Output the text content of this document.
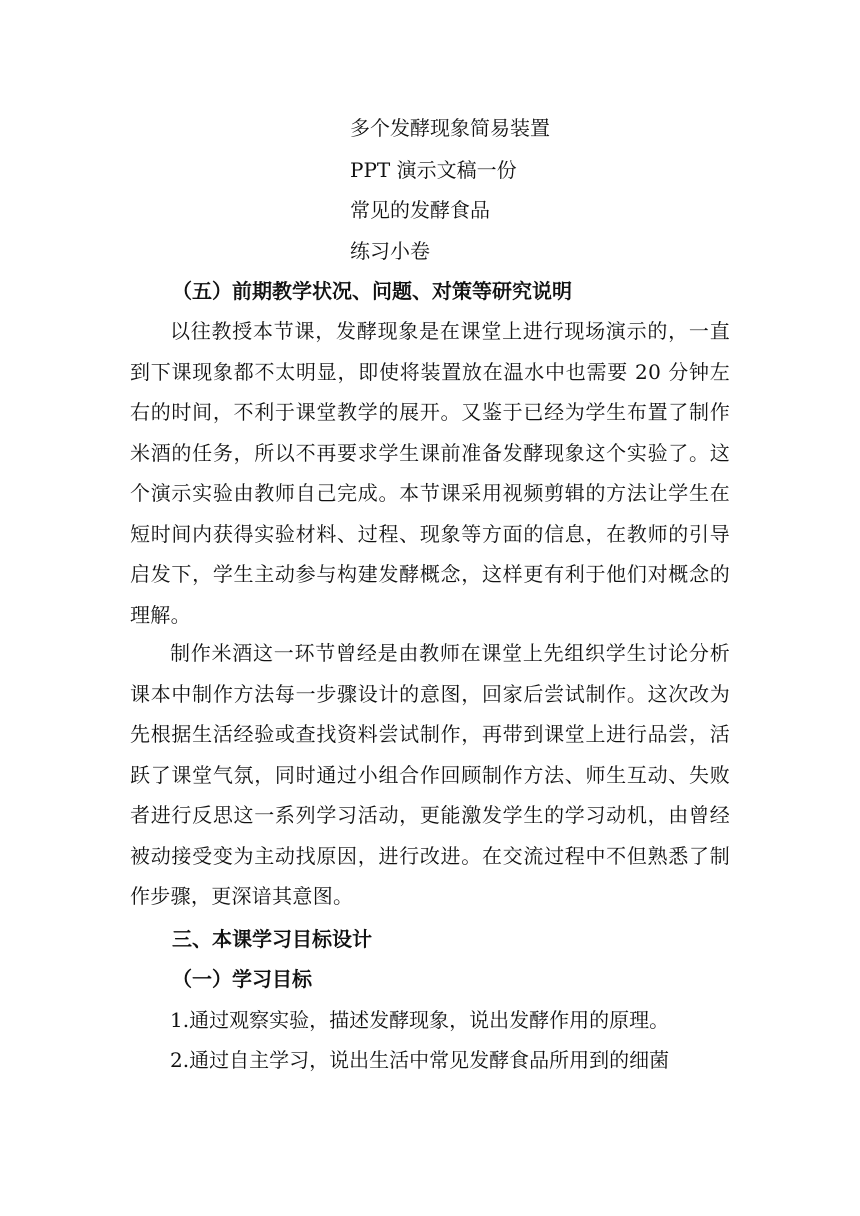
多个发酵现象简易装置
PPT 演示文稿一份
常见的发酵食品
练习小卷
（五）前期教学状况、问题、对策等研究说明

以往教授本节课，发酵现象是在课堂上进行现场演示的，一直到下课现象都不太明显，即使将装置放在温水中也需要 20 分钟左右的时间，不利于课堂教学的展开。又鉴于已经为学生布置了制作米酒的任务，所以不再要求学生课前准备发酵现象这个实验了。这个演示实验由教师自己完成。本节课采用视频剪辑的方法让学生在短时间内获得实验材料、过程、现象等方面的信息，在教师的引导启发下，学生主动参与构建发酵概念，这样更有利于他们对概念的理解。

制作米酒这一环节曾经是由教师在课堂上先组织学生讨论分析课本中制作方法每一步骤设计的意图，回家后尝试制作。这次改为先根据生活经验或查找资料尝试制作，再带到课堂上进行品尝，活跃了课堂气氛，同时通过小组合作回顾制作方法、师生互动、失败者进行反思这一系列学习活动，更能激发学生的学习动机，由曾经被动接受变为主动找原因，进行改进。在交流过程中不但熟悉了制作步骤，更深谙其意图。

三、本课学习目标设计
（一）学习目标
1.通过观察实验，描述发酵现象，说出发酵作用的原理。
2.通过自主学习，说出生活中常见发酵食品所用到的细菌
